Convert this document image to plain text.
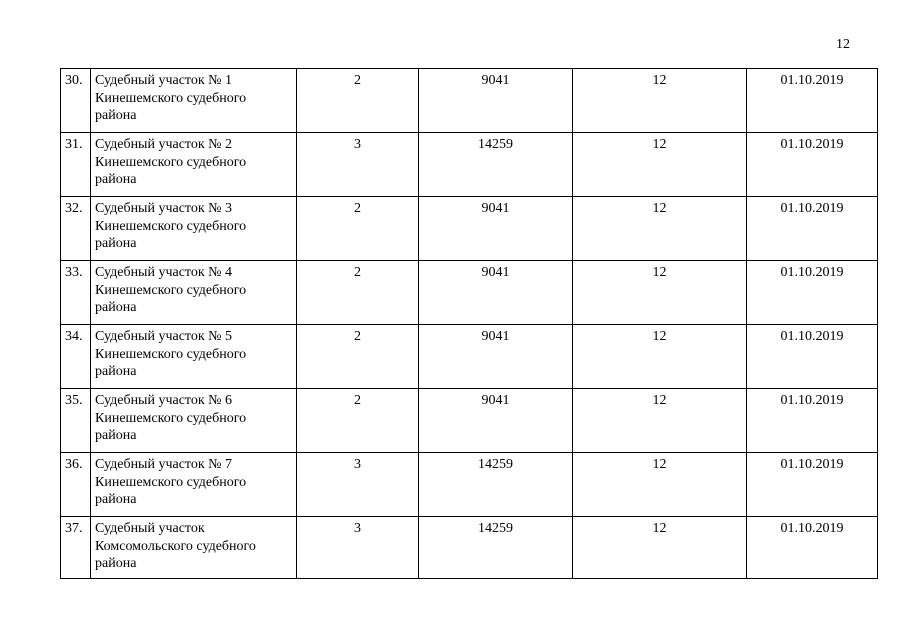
12
30.	Судебный участок № 1
Кинешемского судебного
района	2	9041	12	01.10.2019
31.	Судебный участок № 2
Кинешемского судебного
района	3	14259	12	01.10.2019
32.	Судебный участок № 3
Кинешемского судебного
района	2	9041	12	01.10.2019
33.	Судебный участок № 4
Кинешемского судебного
района	2	9041	12	01.10.2019
34.	Судебный участок № 5
Кинешемского судебного
района	2	9041	12	01.10.2019
35.	Судебный участок № 6
Кинешемского судебного
района	2	9041	12	01.10.2019
36.	Судебный участок № 7
Кинешемского судебного
района	3	14259	12	01.10.2019
37.	Судебный участок
Комсомольского судебного
района	3	14259	12	01.10.2019
